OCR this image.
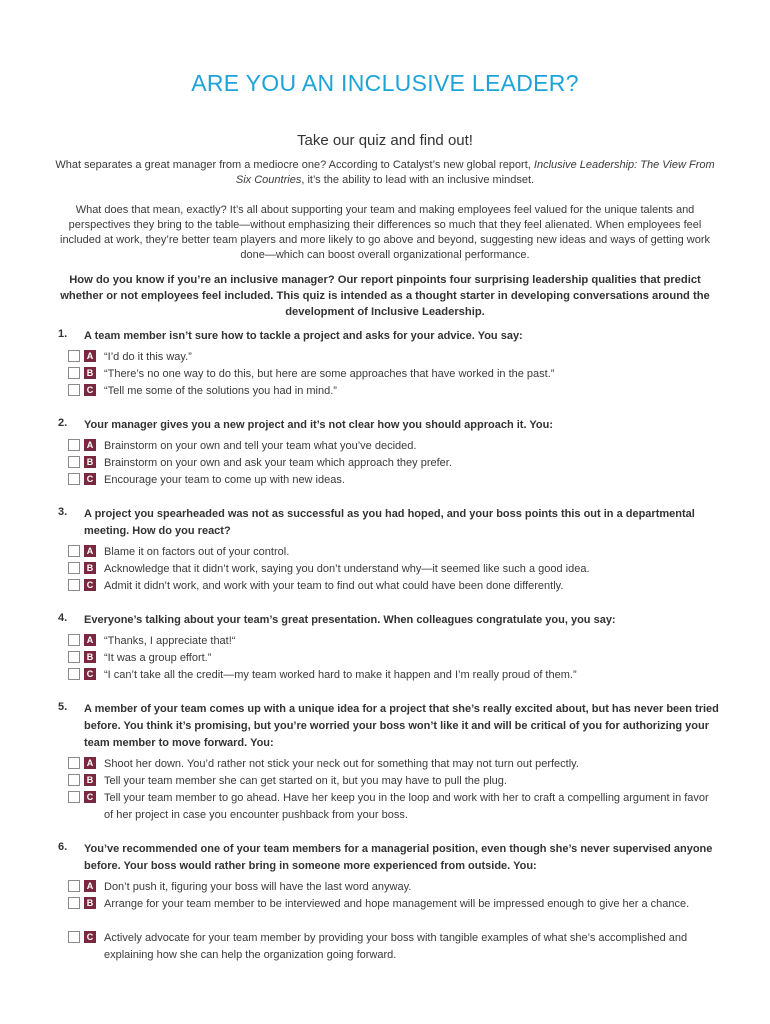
ARE YOU AN INCLUSIVE LEADER?
Take our quiz and find out!
What separates a great manager from a mediocre one? According to Catalyst’s new global report, Inclusive Leadership: The View From Six Countries, it’s the ability to lead with an inclusive mindset.
What does that mean, exactly? It’s all about supporting your team and making employees feel valued for the unique talents and perspectives they bring to the table—without emphasizing their differences so much that they feel alienated. When employees feel included at work, they’re better team players and more likely to go above and beyond, suggesting new ideas and ways of getting work done—which can boost overall organizational performance.
How do you know if you’re an inclusive manager? Our report pinpoints four surprising leadership qualities that predict whether or not employees feel included. This quiz is intended as a thought starter in developing conversations around the development of Inclusive Leadership.
1. A team member isn’t sure how to tackle a project and asks for your advice. You say:
A “I’d do it this way.”
B “There’s no one way to do this, but here are some approaches that have worked in the past.”
C “Tell me some of the solutions you had in mind.”
2. Your manager gives you a new project and it’s not clear how you should approach it. You:
A Brainstorm on your own and tell your team what you’ve decided.
B Brainstorm on your own and ask your team which approach they prefer.
C Encourage your team to come up with new ideas.
3. A project you spearheaded was not as successful as you had hoped, and your boss points this out in a departmental meeting. How do you react?
A Blame it on factors out of your control.
B Acknowledge that it didn’t work, saying you don’t understand why—it seemed like such a good idea.
C Admit it didn’t work, and work with your team to find out what could have been done differently.
4. Everyone’s talking about your team’s great presentation. When colleagues congratulate you, you say:
A “Thanks, I appreciate that!“
B “It was a group effort.”
C “I can’t take all the credit—my team worked hard to make it happen and I’m really proud of them.”
5. A member of your team comes up with a unique idea for a project that she’s really excited about, but has never been tried before. You think it’s promising, but you’re worried your boss won’t like it and will be critical of you for authorizing your team member to move forward. You:
A Shoot her down. You’d rather not stick your neck out for something that may not turn out perfectly.
B Tell your team member she can get started on it, but you may have to pull the plug.
C Tell your team member to go ahead. Have her keep you in the loop and work with her to craft a compelling argument in favor of her project in case you encounter pushback from your boss.
6. You’ve recommended one of your team members for a managerial position, even though she’s never supervised anyone before. Your boss would rather bring in someone more experienced from outside. You:
A Don’t push it, figuring your boss will have the last word anyway.
B Arrange for your team member to be interviewed and hope management will be impressed enough to give her a chance.
C Actively advocate for your team member by providing your boss with tangible examples of what she’s accomplished and explaining how she can help the organization going forward.
